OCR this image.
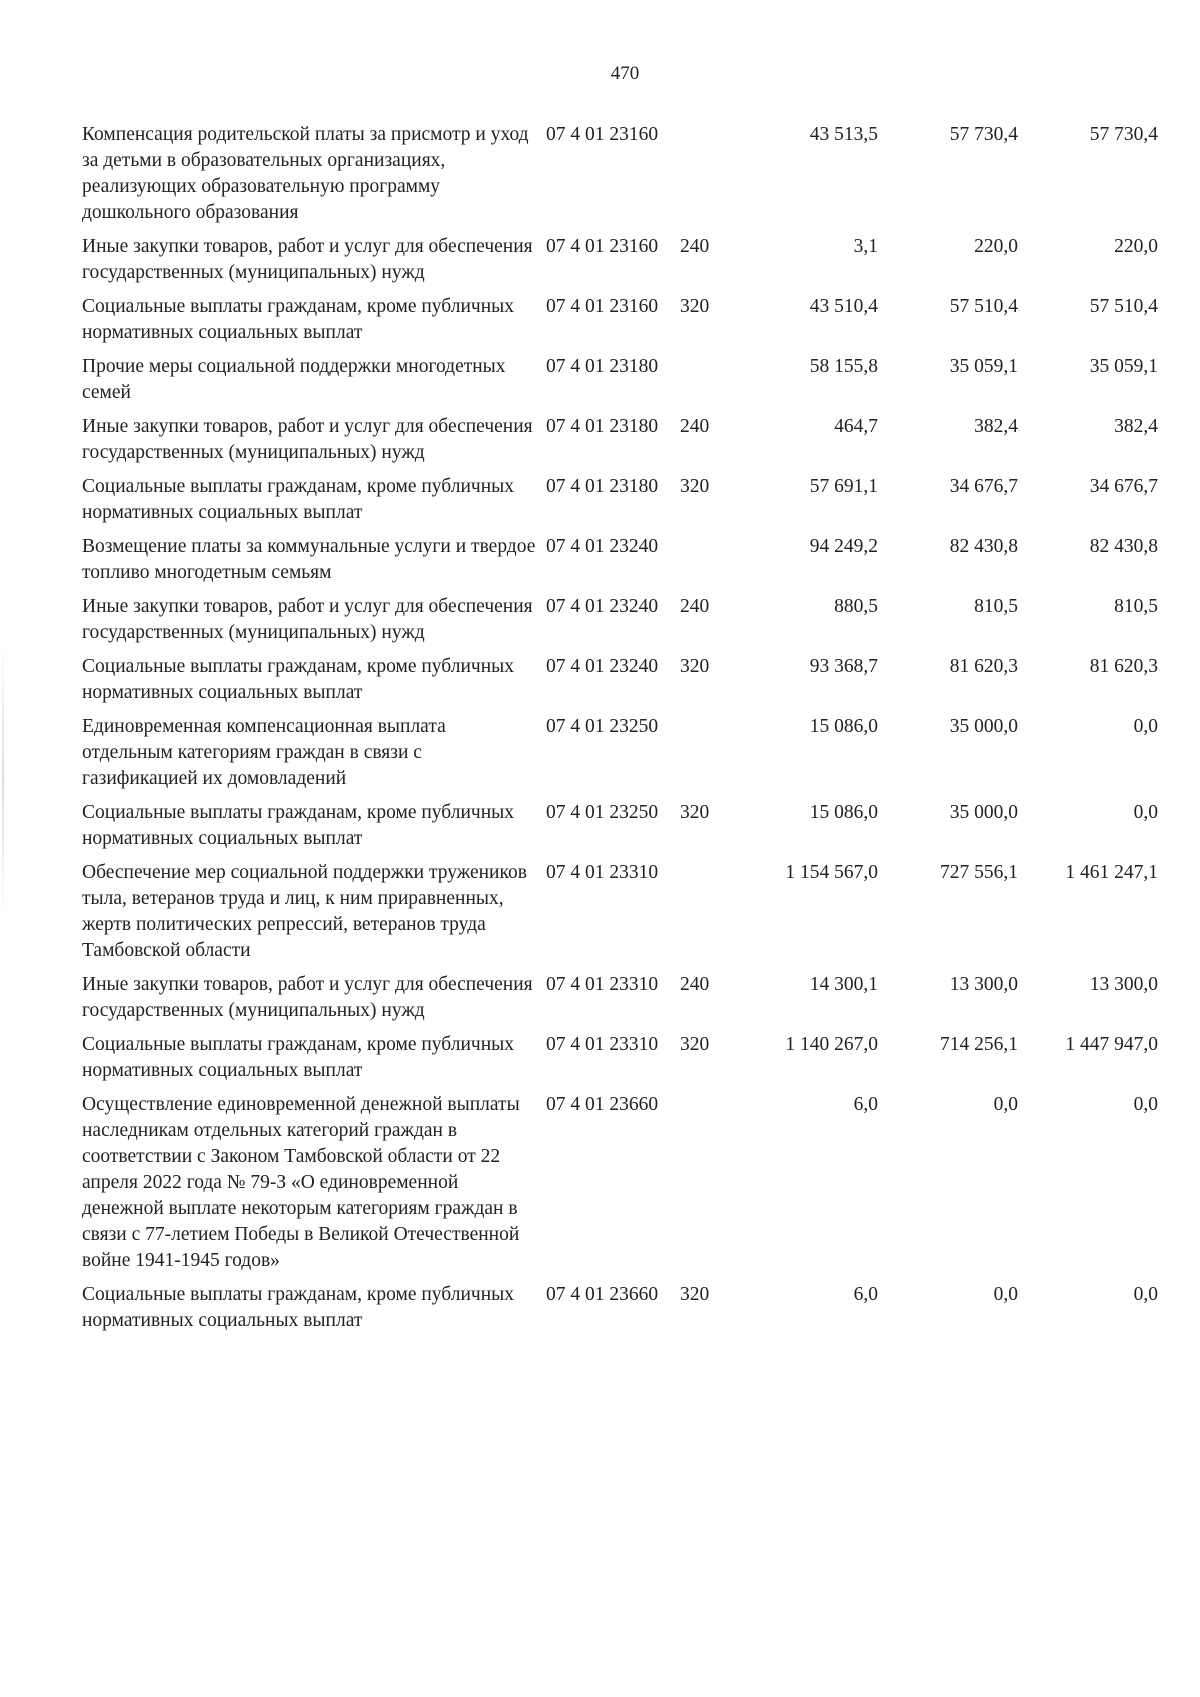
470
Компенсация родительской платы за присмотр и уход за детьми в образовательных организациях, реализующих образовательную программу дошкольного образования	07 4 01 23160		43 513,5	57 730,4	57 730,4
Иные закупки товаров, работ и услуг для обеспечения государственных (муниципальных) нужд	07 4 01 23160	240	3,1	220,0	220,0
Социальные выплаты гражданам, кроме публичных нормативных социальных выплат	07 4 01 23160	320	43 510,4	57 510,4	57 510,4
Прочие меры социальной поддержки многодетных семей	07 4 01 23180		58 155,8	35 059,1	35 059,1
Иные закупки товаров, работ и услуг для обеспечения государственных (муниципальных) нужд	07 4 01 23180	240	464,7	382,4	382,4
Социальные выплаты гражданам, кроме публичных нормативных социальных выплат	07 4 01 23180	320	57 691,1	34 676,7	34 676,7
Возмещение платы за коммунальные услуги и твердое топливо многодетным семьям	07 4 01 23240		94 249,2	82 430,8	82 430,8
Иные закупки товаров, работ и услуг для обеспечения государственных (муниципальных) нужд	07 4 01 23240	240	880,5	810,5	810,5
Социальные выплаты гражданам, кроме публичных нормативных социальных выплат	07 4 01 23240	320	93 368,7	81 620,3	81 620,3
Единовременная компенсационная выплата отдельным категориям граждан в связи с газификацией их домовладений	07 4 01 23250		15 086,0	35 000,0	0,0
Социальные выплаты гражданам, кроме публичных нормативных социальных выплат	07 4 01 23250	320	15 086,0	35 000,0	0,0
Обеспечение мер социальной поддержки тружеников тыла, ветеранов труда и лиц, к ним приравненных, жертв политических репрессий, ветеранов труда Тамбовской области	07 4 01 23310		1 154 567,0	727 556,1	1 461 247,1
Иные закупки товаров, работ и услуг для обеспечения государственных (муниципальных) нужд	07 4 01 23310	240	14 300,1	13 300,0	13 300,0
Социальные выплаты гражданам, кроме публичных нормативных социальных выплат	07 4 01 23310	320	1 140 267,0	714 256,1	1 447 947,0
Осуществление единовременной денежной выплаты наследникам отдельных категорий граждан в соответствии с Законом Тамбовской области от 22 апреля 2022 года № 79-З «О единовременной денежной выплате некоторым категориям граждан в связи с 77-летием Победы в Великой Отечественной войне 1941-1945 годов»	07 4 01 23660		6,0	0,0	0,0
Социальные выплаты гражданам, кроме публичных нормативных социальных выплат	07 4 01 23660	320	6,0	0,0	0,0
